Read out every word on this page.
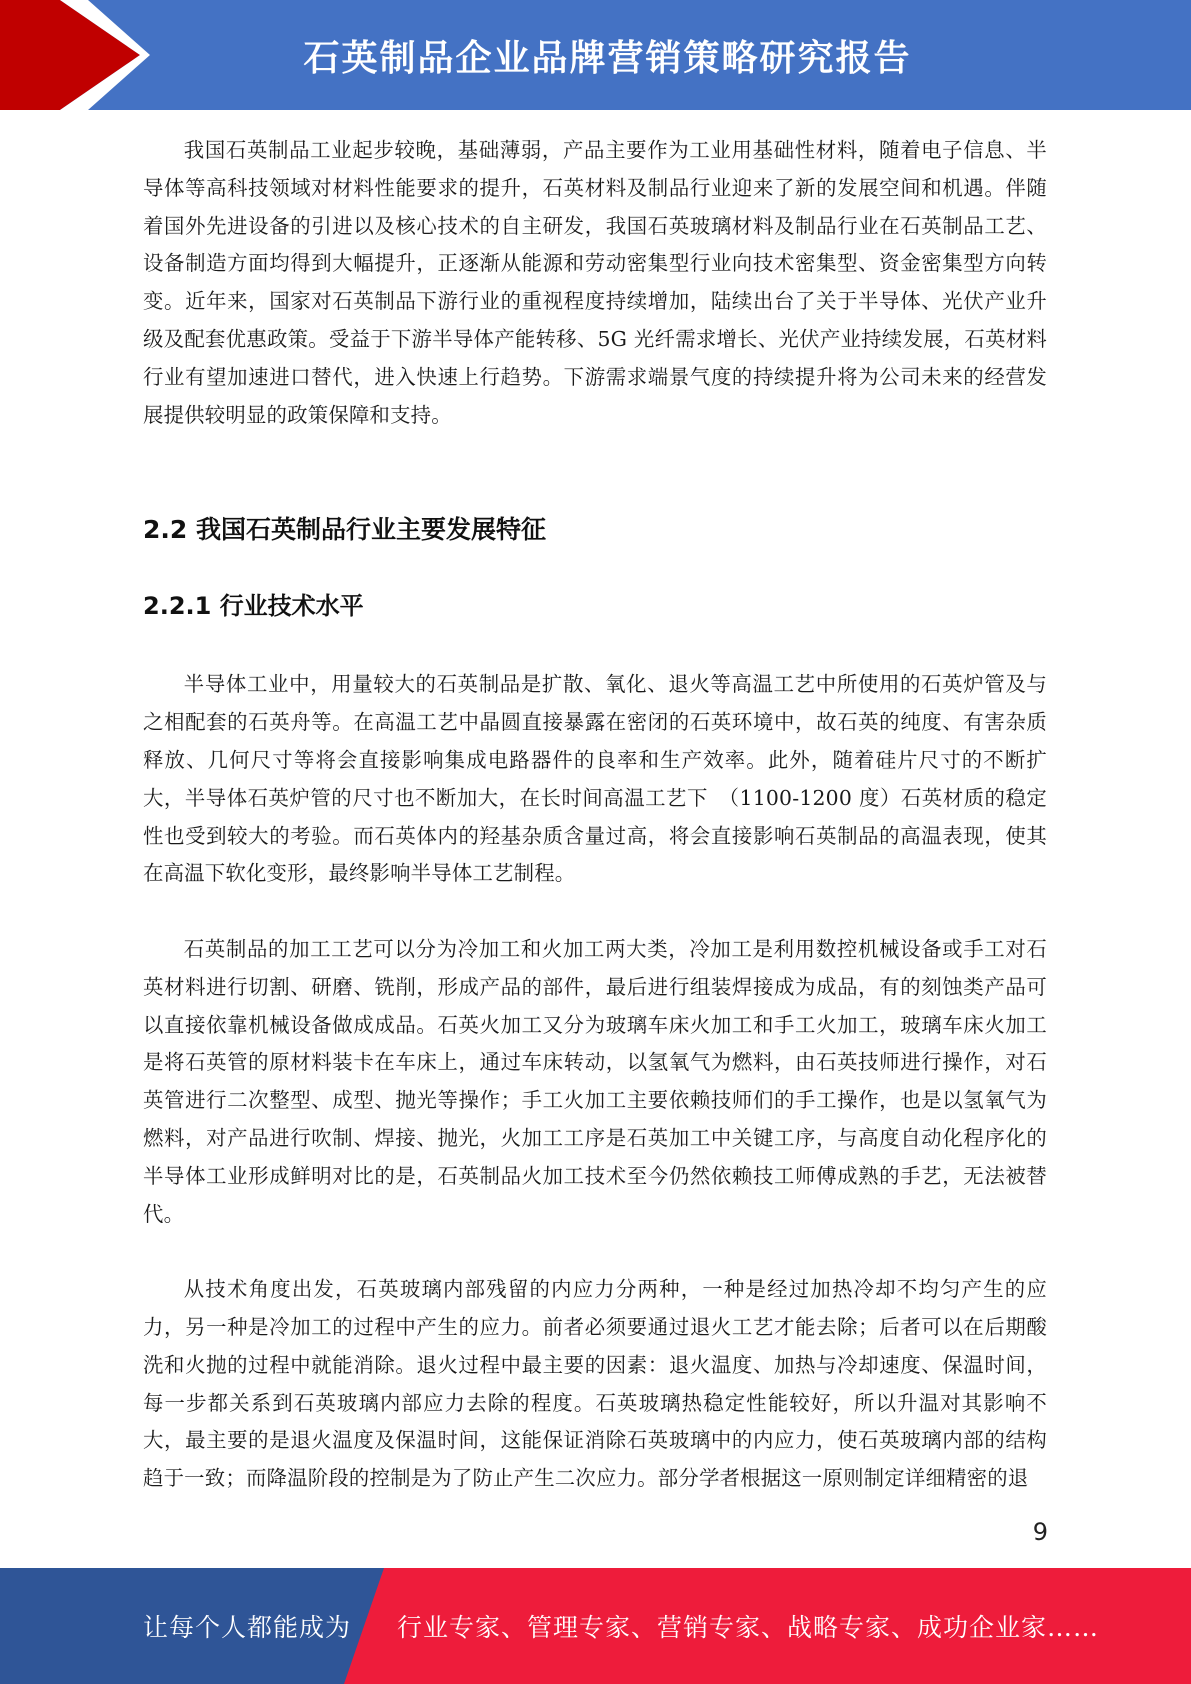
石英制品企业品牌营销策略研究报告

我国石英制品工业起步较晚，基础薄弱，产品主要作为工业用基础性材料，随着电子信息、半导体等高科技领域对材料性能要求的提升，石英材料及制品行业迎来了新的发展空间和机遇。伴随着国外先进设备的引进以及核心技术的自主研发，我国石英玻璃材料及制品行业在石英制品工艺、设备制造方面均得到大幅提升，正逐渐从能源和劳动密集型行业向技术密集型、资金密集型方向转变。近年来，国家对石英制品下游行业的重视程度持续增加，陆续出台了关于半导体、光伏产业升级及配套优惠政策。受益于下游半导体产能转移、5G 光纤需求增长、光伏产业持续发展，石英材料行业有望加速进口替代，进入快速上行趋势。下游需求端景气度的持续提升将为公司未来的经营发展提供较明显的政策保障和支持。

2.2 我国石英制品行业主要发展特征
2.2.1 行业技术水平

半导体工业中，用量较大的石英制品是扩散、氧化、退火等高温工艺中所使用的石英炉管及与之相配套的石英舟等。在高温工艺中晶圆直接暴露在密闭的石英环境中，故石英的纯度、有害杂质释放、几何尺寸等将会直接影响集成电路器件的良率和生产效率。此外，随着硅片尺寸的不断扩大，半导体石英炉管的尺寸也不断加大，在长时间高温工艺下　（1100-1200 度）石英材质的稳定性也受到较大的考验。而石英体内的羟基杂质含量过高，将会直接影响石英制品的高温表现，使其在高温下软化变形，最终影响半导体工艺制程。

石英制品的加工工艺可以分为冷加工和火加工两大类，冷加工是利用数控机械设备或手工对石英材料进行切割、研磨、铣削，形成产品的部件，最后进行组装焊接成为成品，有的刻蚀类产品可以直接依靠机械设备做成成品。石英火加工又分为玻璃车床火加工和手工火加工，玻璃车床火加工是将石英管的原材料装卡在车床上，通过车床转动，以氢氧气为燃料，由石英技师进行操作，对石英管进行二次整型、成型、抛光等操作；手工火加工主要依赖技师们的手工操作，也是以氢氧气为燃料，对产品进行吹制、焊接、抛光，火加工工序是石英加工中关键工序，与高度自动化程序化的半导体工业形成鲜明对比的是，石英制品火加工技术至今仍然依赖技工师傅成熟的手艺，无法被替代。

从技术角度出发，石英玻璃内部残留的内应力分两种，一种是经过加热冷却不均匀产生的应力，另一种是冷加工的过程中产生的应力。前者必须要通过退火工艺才能去除；后者可以在后期酸洗和火抛的过程中就能消除。退火过程中最主要的因素：退火温度、加热与冷却速度、保温时间，每一步都关系到石英玻璃内部应力去除的程度。石英玻璃热稳定性能较好，所以升温对其影响不大，最主要的是退火温度及保温时间，这能保证消除石英玻璃中的内应力，使石英玻璃内部的结构趋于一致；而降温阶段的控制是为了防止产生二次应力。部分学者根据这一原则制定详细精密的退

9
让每个人都能成为 行业专家、管理专家、营销专家、战略专家、成功企业家……
